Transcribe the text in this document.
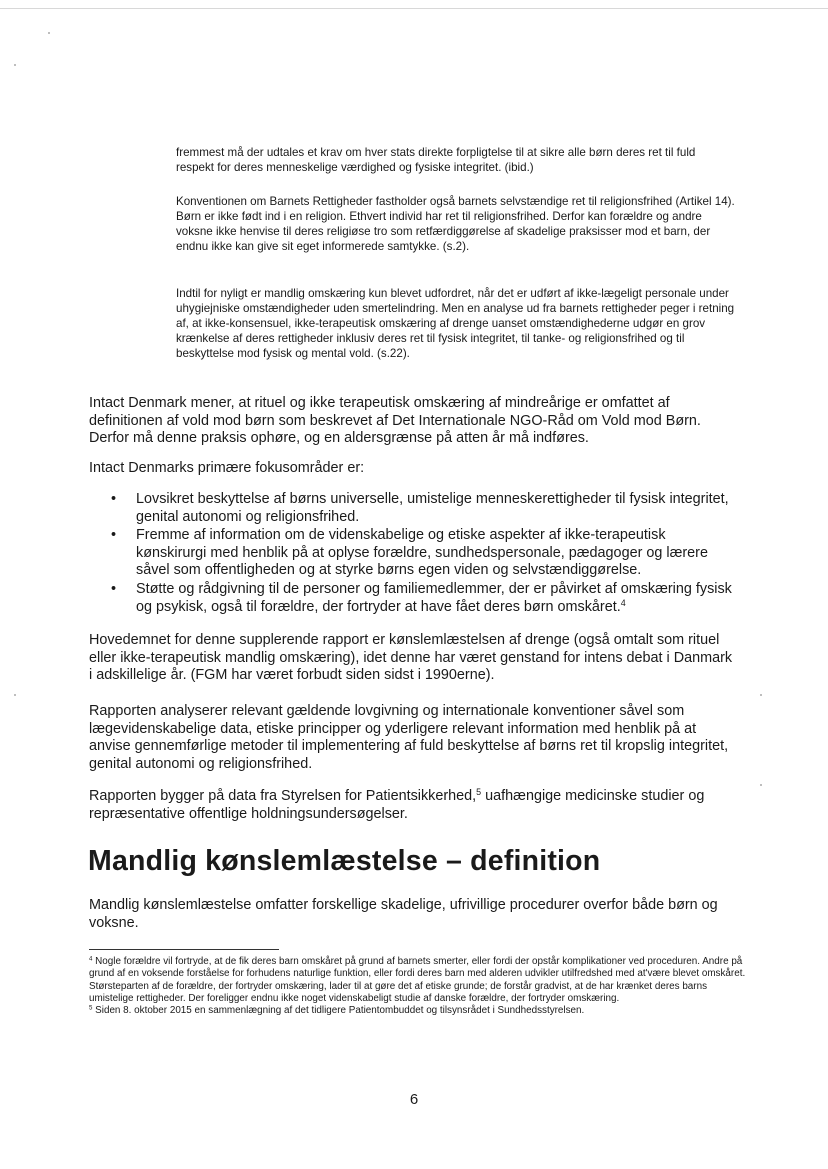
fremmest må der udtales et krav om hver stats direkte forpligtelse til at sikre alle børn deres ret til fuld respekt for deres menneskelige værdighed og fysiske integritet. (ibid.)

Konventionen om Barnets Rettigheder fastholder også barnets selvstændige ret til religionsfrihed (Artikel 14). Børn er ikke født ind i en religion. Ethvert individ har ret til religionsfrihed. Derfor kan forældre og andre voksne ikke henvise til deres religiøse tro som retfærdiggørelse af skadelige praksisser mod et barn, der endnu ikke kan give sit eget informerede samtykke. (s.2).

Indtil for nyligt er mandlig omskæring kun blevet udfordret, når det er udført af ikke-lægeligt personale under uhygiejniske omstændigheder uden smertelindring. Men en analyse ud fra barnets rettigheder peger i retning af, at ikke-konsensuel, ikke-terapeutisk omskæring af drenge uanset omstændighederne udgør en grov krænkelse af deres rettigheder inklusiv deres ret til fysisk integritet, til tanke- og religionsfrihed og til beskyttelse mod fysisk og mental vold. (s.22).

Intact Denmark mener, at rituel og ikke terapeutisk omskæring af mindreårige er omfattet af definitionen af vold mod børn som beskrevet af Det Internationale NGO-Råd om Vold mod Børn. Derfor må denne praksis ophøre, og en aldersgrænse på atten år må indføres.

Intact Denmarks primære fokusområder er:

• Lovsikret beskyttelse af børns universelle, umistelige menneskerettigheder til fysisk integritet, genital autonomi og religionsfrihed.
• Fremme af information om de videnskabelige og etiske aspekter af ikke-terapeutisk kønskirurgi med henblik på at oplyse forældre, sundhedspersonale, pædagoger og lærere såvel som offentligheden og at styrke børns egen viden og selvstændiggørelse.
• Støtte og rådgivning til de personer og familiemedlemmer, der er påvirket af omskæring fysisk og psykisk, også til forældre, der fortryder at have fået deres børn omskåret.$^4$

Hovedemnet for denne supplerende rapport er kønslemlæstelsen af drenge (også omtalt som rituel eller ikke-terapeutisk mandlig omskæring), idet denne har været genstand for intens debat i Danmark i adskillelige år. (FGM har været forbudt siden sidst i 1990erne).

Rapporten analyserer relevant gældende lovgivning og internationale konventioner såvel som lægevidenskabelige data, etiske principper og yderligere relevant information med henblik på at anvise gennemførlige metoder til implementering af fuld beskyttelse af børns ret til kropslig integritet, genital autonomi og religionsfrihed.

Rapporten bygger på data fra Styrelsen for Patientsikkerhed,$^5$ uafhængige medicinske studier og repræsentative offentlige holdningsundersøgelser.

Mandlig kønslemlæstelse – definition

Mandlig kønslemlæstelse omfatter forskellige skadelige, ufrivillige procedurer overfor både børn og voksne.

$^4$ Nogle forældre vil fortryde, at de fik deres barn omskåret på grund af barnets smerter, eller fordi der opstår komplikationer ved proceduren. Andre på grund af en voksende forståelse for forhudens naturlige funktion, eller fordi deres barn med alderen udvikler utilfredshed med at'være blevet omskåret. Størsteparten af de forældre, der fortryder omskæring, lader til at gøre det af etiske grunde; de forstår gradvist, at de har krænket deres barns umistelige rettigheder. Der foreligger endnu ikke noget videnskabeligt studie af danske forældre, der fortryder omskæring.

$^5$ Siden 8. oktober 2015 en sammenlægning af det tidligere Patientombuddet og tilsynsrådet i Sundhedsstyrelsen.

6
